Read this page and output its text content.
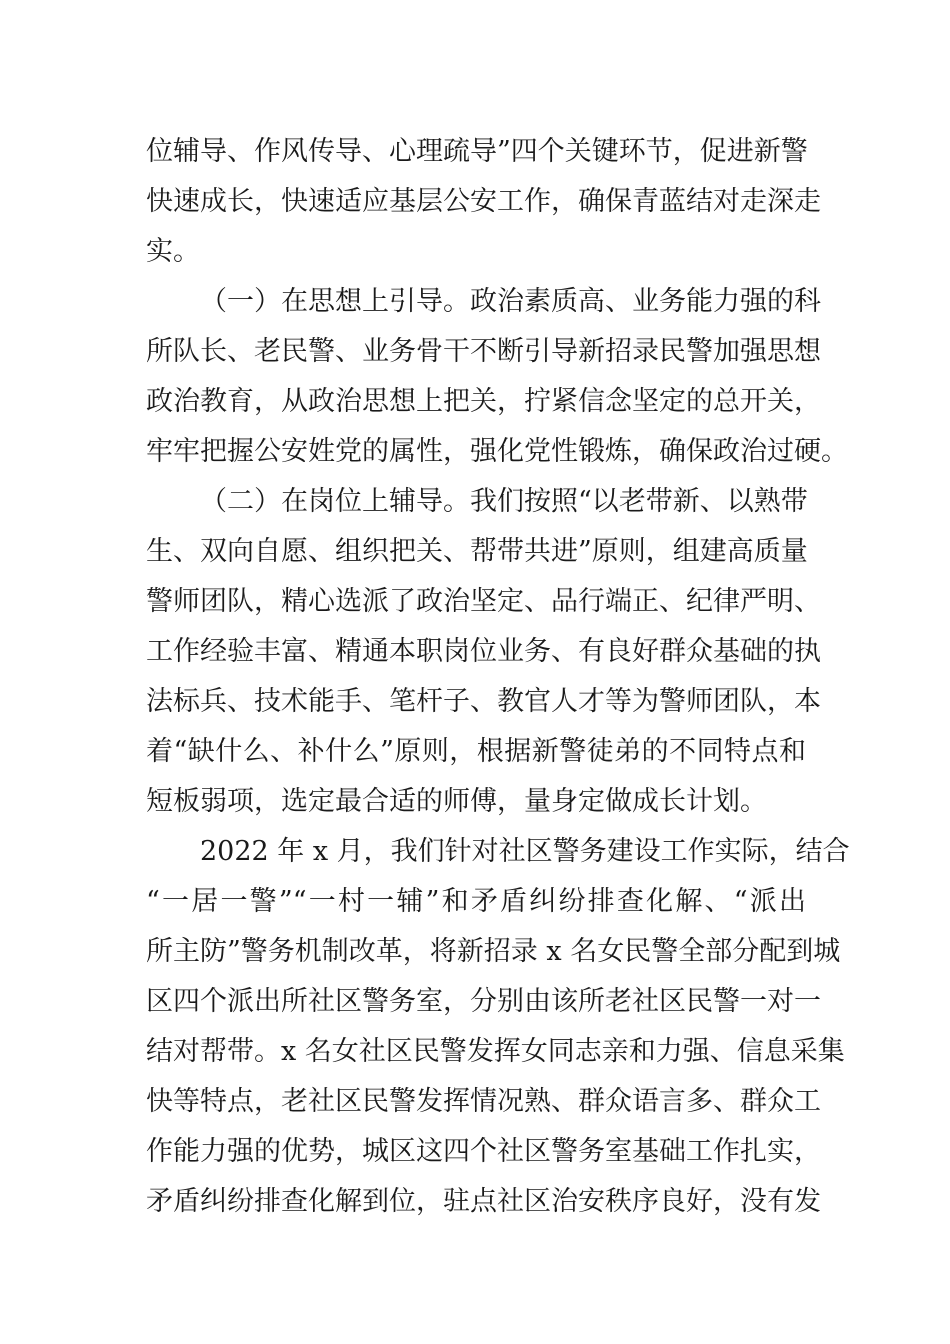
位辅导、作风传导、心理疏导”四个关键环节，促进新警
快速成长，快速适应基层公安工作，确保青蓝结对走深走
实。
（一）在思想上引导。政治素质高、业务能力强的科
所队长、老民警、业务骨干不断引导新招录民警加强思想
政治教育，从政治思想上把关，拧紧信念坚定的总开关，
牢牢把握公安姓党的属性，强化党性锻炼，确保政治过硬。
（二）在岗位上辅导。我们按照“以老带新、以熟带
生、双向自愿、组织把关、帮带共进”原则，组建高质量
警师团队，精心选派了政治坚定、品行端正、纪律严明、
工作经验丰富、精通本职岗位业务、有良好群众基础的执
法标兵、技术能手、笔杆子、教官人才等为警师团队，本
着“缺什么、补什么”原则，根据新警徒弟的不同特点和
短板弱项，选定最合适的师傅，量身定做成长计划。
2022 年 x 月，我们针对社区警务建设工作实际，结合
“一居一警”“一村一辅”和矛盾纠纷排查化解、“派出
所主防”警务机制改革，将新招录 x 名女民警全部分配到城
区四个派出所社区警务室，分别由该所老社区民警一对一
结对帮带。x 名女社区民警发挥女同志亲和力强、信息采集
快等特点，老社区民警发挥情况熟、群众语言多、群众工
作能力强的优势，城区这四个社区警务室基础工作扎实，
矛盾纠纷排查化解到位，驻点社区治安秩序良好，没有发
